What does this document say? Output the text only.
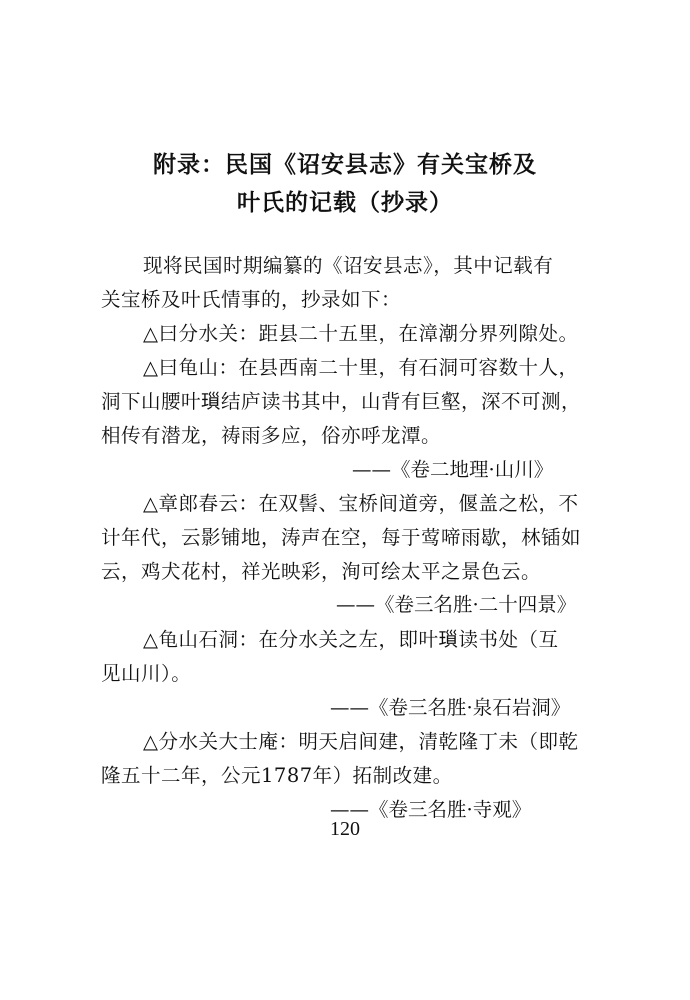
附录：民国《诏安县志》有关宝桥及
叶氏的记载（抄录）
现将民国时期编纂的《诏安县志》，其中记载有
关宝桥及叶氏情事的，抄录如下：
△曰分水关：距县二十五里，在漳潮分界列隙处。
△曰龟山：在县西南二十里，有石洞可容数十人，
洞下山腰叶𤨏结庐读书其中，山背有巨壑，深不可测，
相传有潜龙，祷雨多应，俗亦呼龙潭。
——《卷二地理·山川》
△章郎春云：在双髻、宝桥间道旁，偃盖之松，不
计年代，云影铺地，涛声在空，每于莺啼雨歇，林锸如
云，鸡犬花村，祥光映彩，洵可绘太平之景色云。
——《卷三名胜·二十四景》
△龟山石洞：在分水关之左，即叶𤨏读书处（互
见山川）。
——《卷三名胜·泉石岩洞》
△分水关大士庵：明天启间建，清乾隆丁未（即乾
隆五十二年，公元1787年）拓制改建。
——《卷三名胜·寺观》
120
